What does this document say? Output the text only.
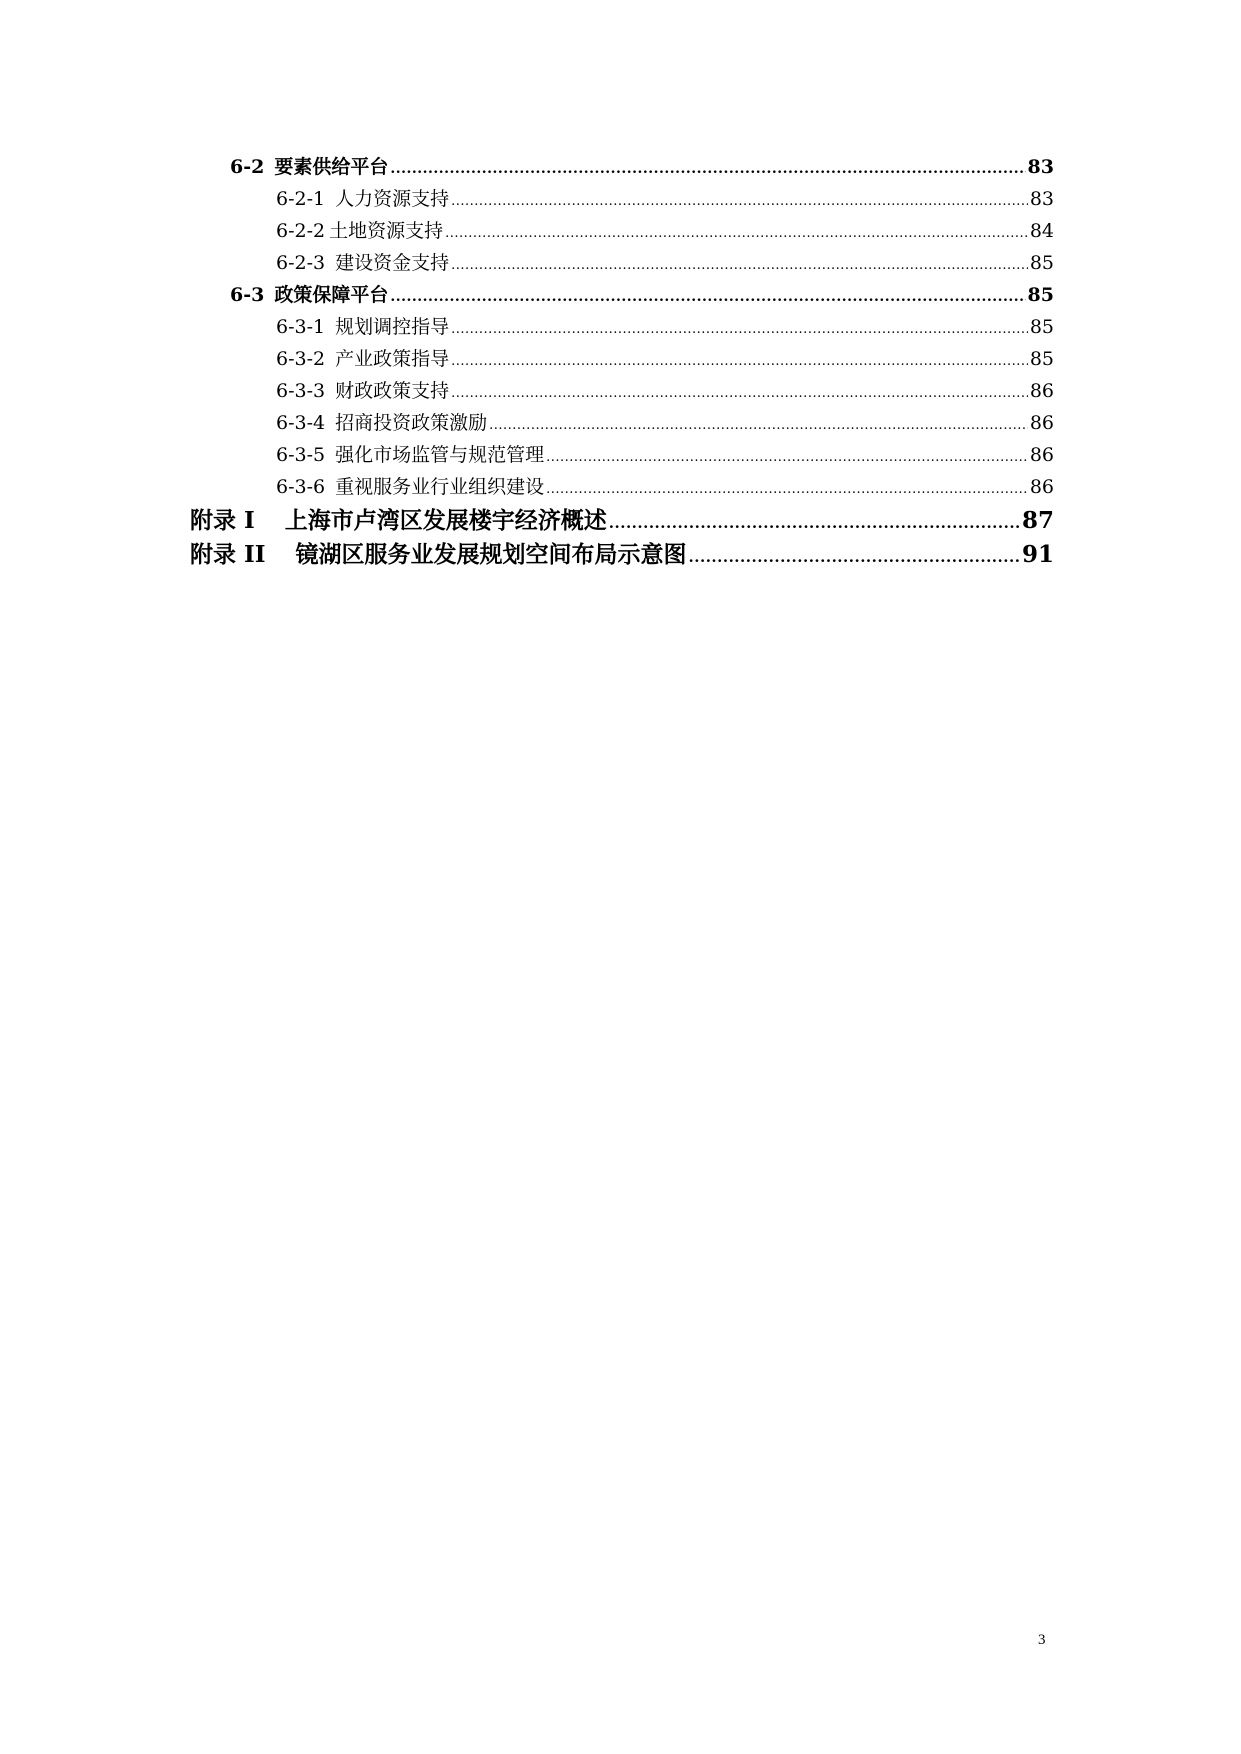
6-2 要素供给平台 .....	83
6-2-1 人力资源支持 .....	83
6-2-2 土地资源支持 .....	84
6-2-3 建设资金支持 .....	85
6-3 政策保障平台 .....	85
6-3-1 规划调控指导 .....	85
6-3-2 产业政策指导 .....	85
6-3-3 财政政策支持 .....	86
6-3-4 招商投资政策激励 .....	86
6-3-5 强化市场监管与规范管理 .....	86
6-3-6 重视服务业行业组织建设 .....	86
附录 I 上海市卢湾区发展楼宇经济概述 .....	87
附录 II 镜湖区服务业发展规划空间布局示意图 .....	91
3
